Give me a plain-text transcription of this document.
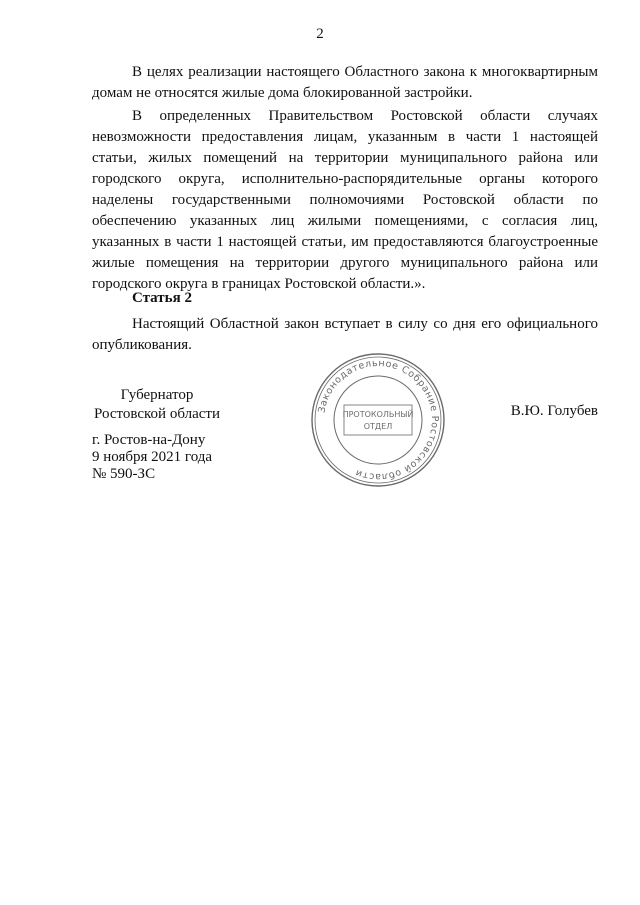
2

В целях реализации настоящего Областного закона к многоквартирным домам не относятся жилые дома блокированной застройки.

В определенных Правительством Ростовской области случаях невозможности предоставления лицам, указанным в части 1 настоящей статьи, жилых помещений на территории муниципального района или городского округа, исполнительно-распорядительные органы которого наделены государственными полномочиями Ростовской области по обеспечению указанных лиц жилыми помещениями, с согласия лиц, указанных в части 1 настоящей статьи, им предоставляются благоустроенные жилые помещения на территории другого муниципального района или городского округа в границах Ростовской области.».

Статья 2

Настоящий Областной закон вступает в силу со дня его официального опубликования.

Губернатор
Ростовской области	Законодательное Собрание Ростовской области
ПРОТОКОЛЬНЫЙ
ОТДЕЛ
В.Ю. Голубев
г. Ростов-на-Дону
9 ноября 2021 года
№ 590-ЗС
